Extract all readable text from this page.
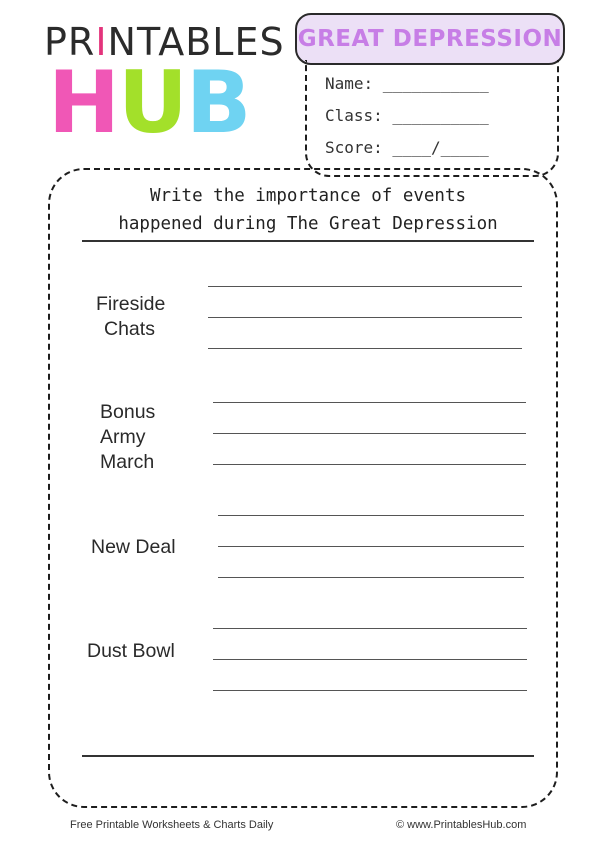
PRINTABLES
HUB
GREAT DEPRESSION
Name: ___________
Class: __________
Score: ____/_____
Write the importance of events
happened during The Great Depression
Fireside
Chats
Bonus
Army
March
New Deal
Dust Bowl
Free Printable Worksheets & Charts Daily	© www.PrintablesHub.com
